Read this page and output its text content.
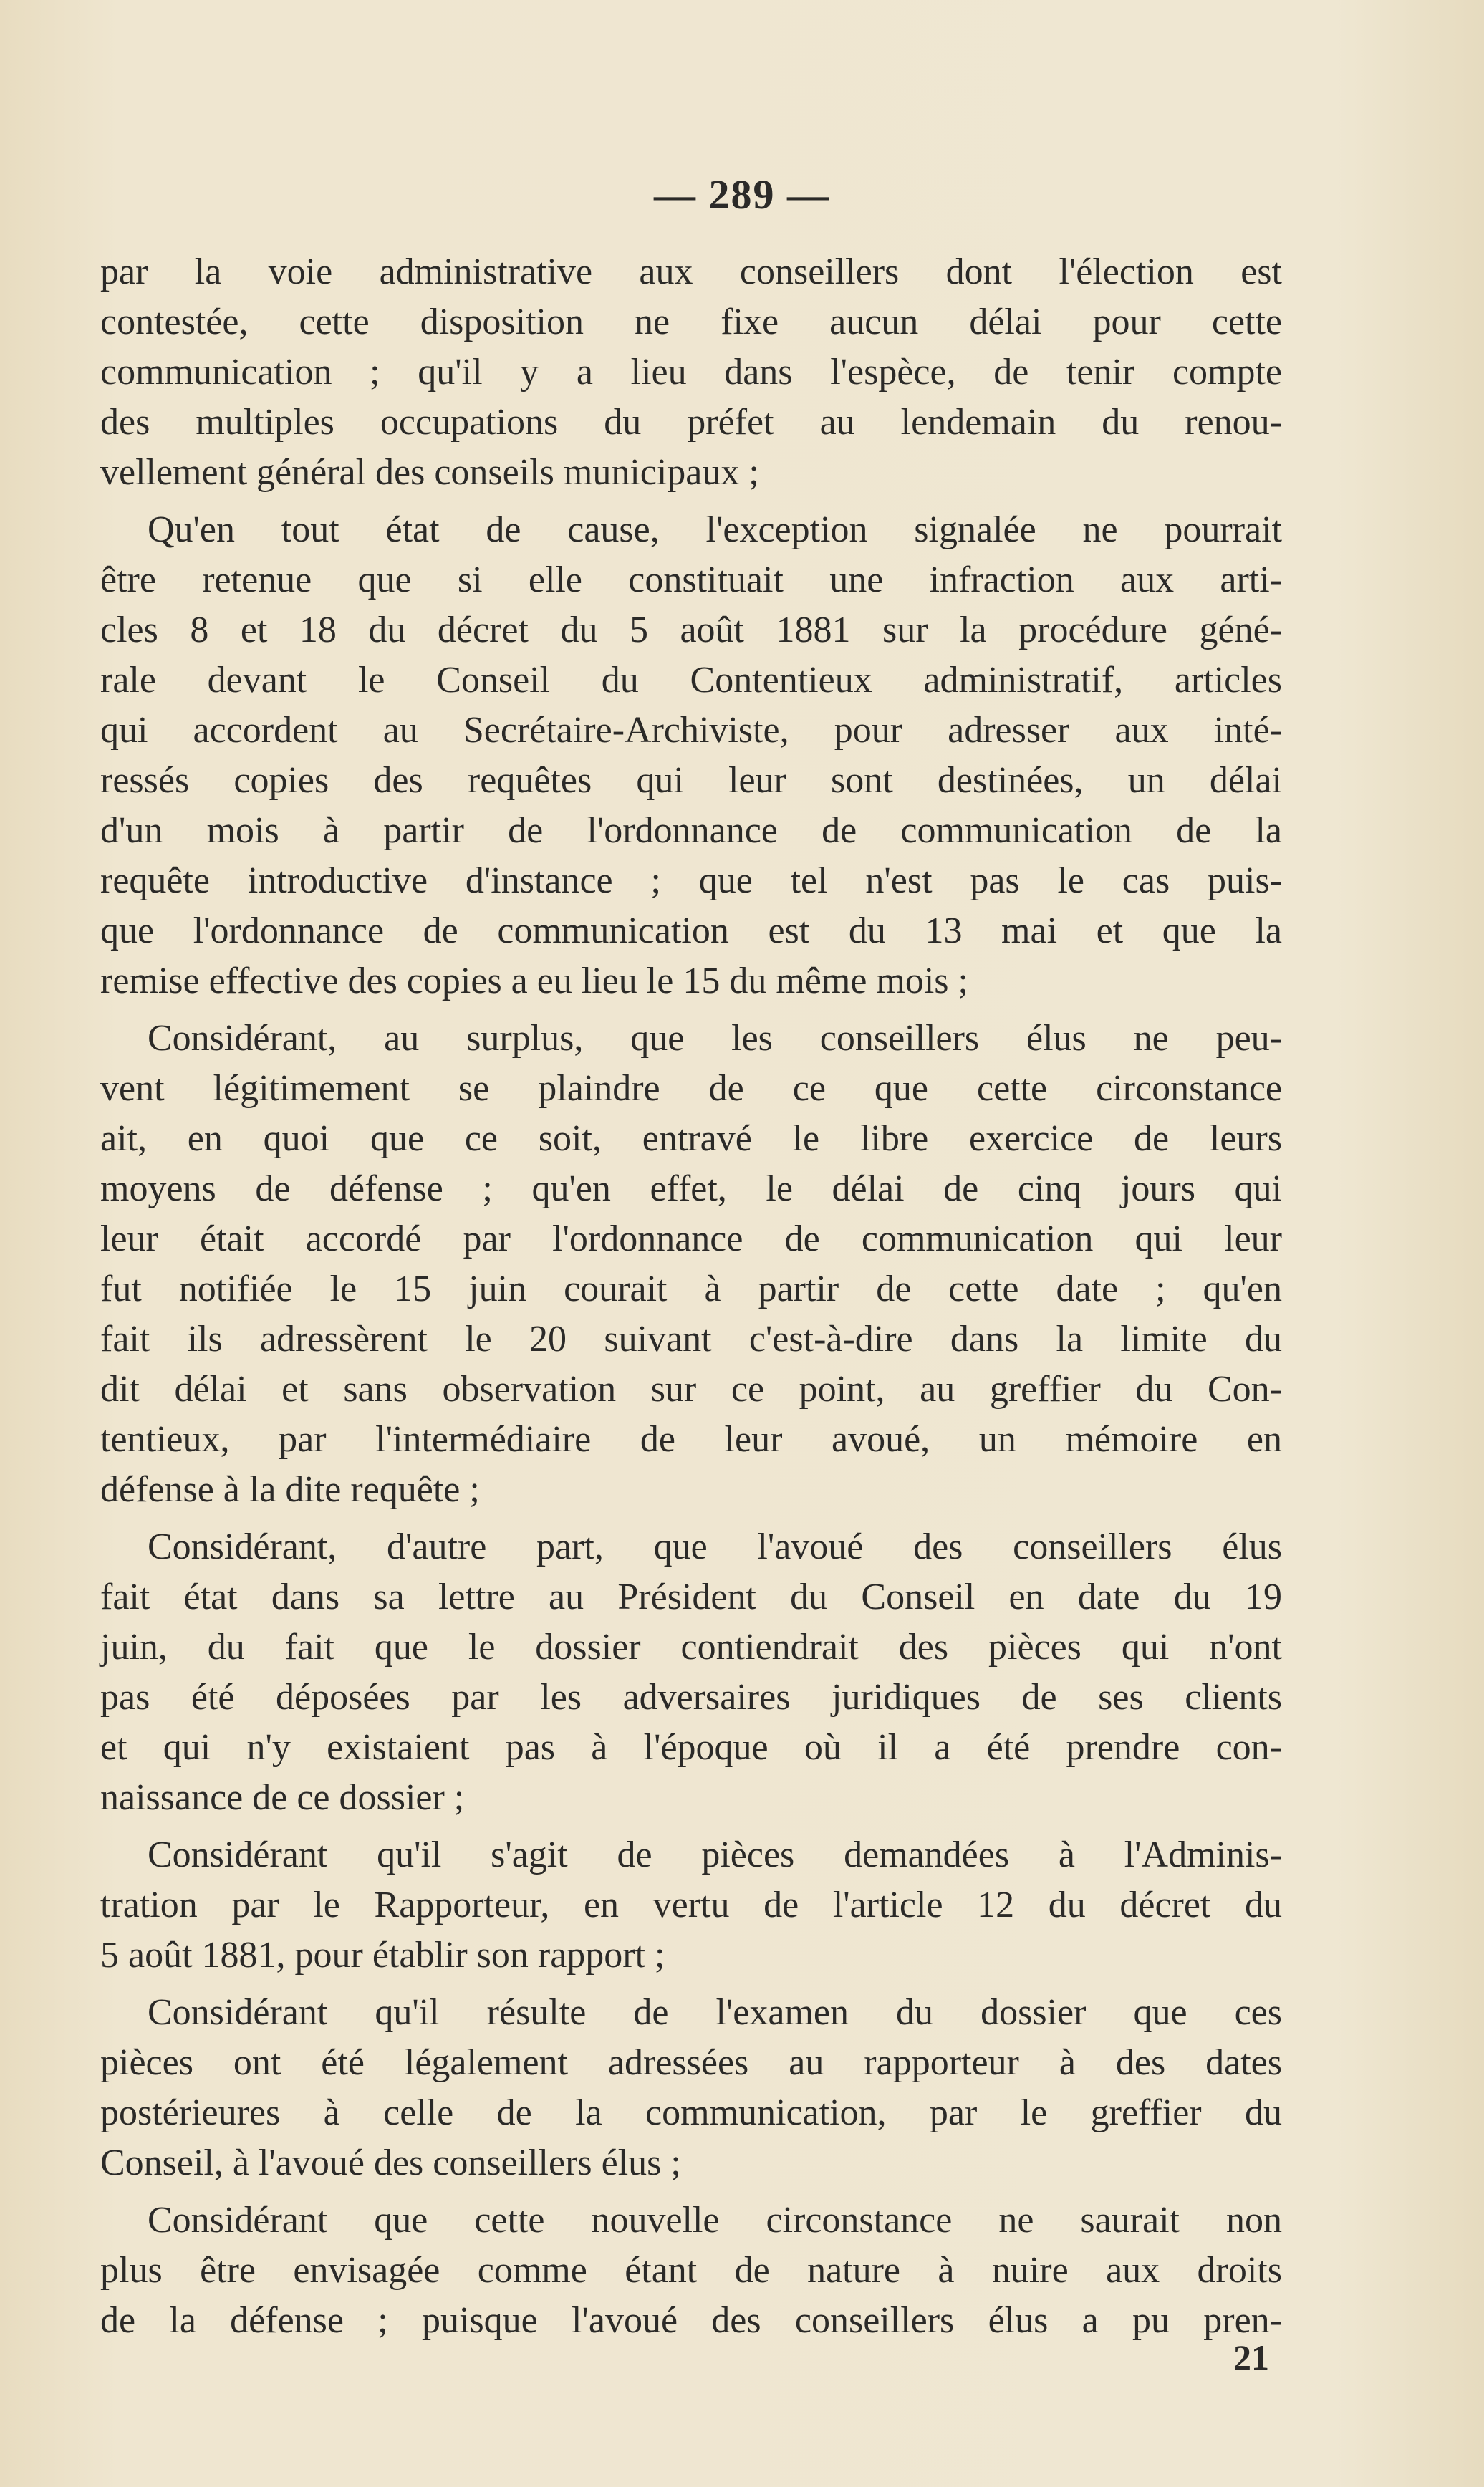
— 289 —
par la voie administrative aux conseillers dont l'élection est
contestée, cette disposition ne fixe aucun délai pour cette
communication ; qu'il y a lieu dans l'espèce, de tenir compte
des multiples occupations du préfet au lendemain du renou-
vellement général des conseils municipaux ;
Qu'en tout état de cause, l'exception signalée ne pourrait
être retenue que si elle constituait une infraction aux arti-
cles 8 et 18 du décret du 5 août 1881 sur la procédure géné-
rale devant le Conseil du Contentieux administratif, articles
qui accordent au Secrétaire-Archiviste, pour adresser aux inté-
ressés copies des requêtes qui leur sont destinées, un délai
d'un mois à partir de l'ordonnance de communication de la
requête introductive d'instance ; que tel n'est pas le cas puis-
que l'ordonnance de communication est du 13 mai et que la
remise effective des copies a eu lieu le 15 du même mois ;
Considérant, au surplus, que les conseillers élus ne peu-
vent légitimement se plaindre de ce que cette circonstance
ait, en quoi que ce soit, entravé le libre exercice de leurs
moyens de défense ; qu'en effet, le délai de cinq jours qui
leur était accordé par l'ordonnance de communication qui leur
fut notifiée le 15 juin courait à partir de cette date ; qu'en
fait ils adressèrent le 20 suivant c'est-à-dire dans la limite du
dit délai et sans observation sur ce point, au greffier du Con-
tentieux, par l'intermédiaire de leur avoué, un mémoire en
défense à la dite requête ;
Considérant, d'autre part, que l'avoué des conseillers élus
fait état dans sa lettre au Président du Conseil en date du 19
juin, du fait que le dossier contiendrait des pièces qui n'ont
pas été déposées par les adversaires juridiques de ses clients
et qui n'y existaient pas à l'époque où il a été prendre con-
naissance de ce dossier ;
Considérant qu'il s'agit de pièces demandées à l'Adminis-
tration par le Rapporteur, en vertu de l'article 12 du décret du
5 août 1881, pour établir son rapport ;
Considérant qu'il résulte de l'examen du dossier que ces
pièces ont été légalement adressées au rapporteur à des dates
postérieures à celle de la communication, par le greffier du
Conseil, à l'avoué des conseillers élus ;
Considérant que cette nouvelle circonstance ne saurait non
plus être envisagée comme étant de nature à nuire aux droits
de la défense ; puisque l'avoué des conseillers élus a pu pren-
21
